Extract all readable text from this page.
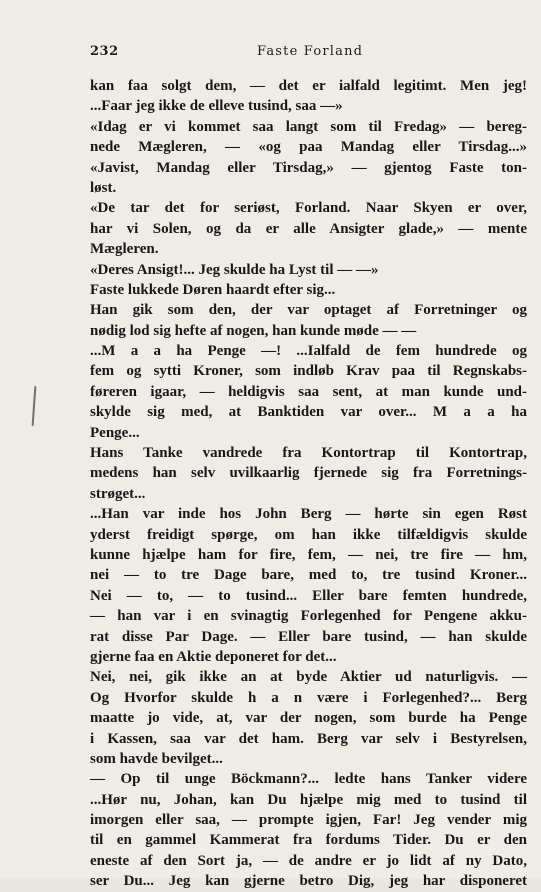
232	Faste Forland
kan faa solgt dem, — det er ialfald legitimt. Men jeg!
...Faar jeg ikke de elleve tusind, saa —»
«Idag er vi kommet saa langt som til Fredag» — bereg-
nede Mægleren, — «og paa Mandag eller Tirsdag...»
«Javist, Mandag eller Tirsdag,» — gjentog Faste ton-
løst.
«De tar det for seriøst, Forland. Naar Skyen er over,
har vi Solen, og da er alle Ansigter glade,» — mente
Mægleren.
«Deres Ansigt!... Jeg skulde ha Lyst til — —»
Faste lukkede Døren haardt efter sig...
Han gik som den, der var optaget af Forretninger og
nødig lod sig hefte af nogen, han kunde møde — —
...M a a ha Penge —! ...Ialfald de fem hundrede og
fem og sytti Kroner, som indløb Krav paa til Regnskabs-
føreren igaar, — heldigvis saa sent, at man kunde und-
skylde sig med, at Banktiden var over... M a a ha
Penge...
Hans Tanke vandrede fra Kontortrap til Kontortrap,
medens han selv uvilkaarlig fjernede sig fra Forretnings-
strøget...
...Han var inde hos John Berg — hørte sin egen Røst
yderst freidigt spørge, om han ikke tilfældigvis skulde
kunne hjælpe ham for fire, fem, — nei, tre fire — hm,
nei — to tre Dage bare, med to, tre tusind Kroner...
Nei — to, — to tusind... Eller bare femten hundrede,
— han var i en svinagtig Forlegenhed for Pengene akku-
rat disse Par Dage. — Eller bare tusind, — han skulde
gjerne faa en Aktie deponeret for det...
Nei, nei, gik ikke an at byde Aktier ud naturligvis. —
Og Hvorfor skulde h a n være i Forlegenhed?... Berg
maatte jo vide, at, var der nogen, som burde ha Penge
i Kassen, saa var det ham. Berg var selv i Bestyrelsen,
som havde bevilget...
— Op til unge Böckmann?... ledte hans Tanker videre
...Hør nu, Johan, kan Du hjælpe mig med to tusind til
imorgen eller saa, — prompte igjen, Far! Jeg vender mig
til en gammel Kammerat fra fordums Tider. Du er den
eneste af den Sort ja, — de andre er jo lidt af ny Dato,
ser Du... Jeg kan gjerne betro Dig, jeg har disponeret
